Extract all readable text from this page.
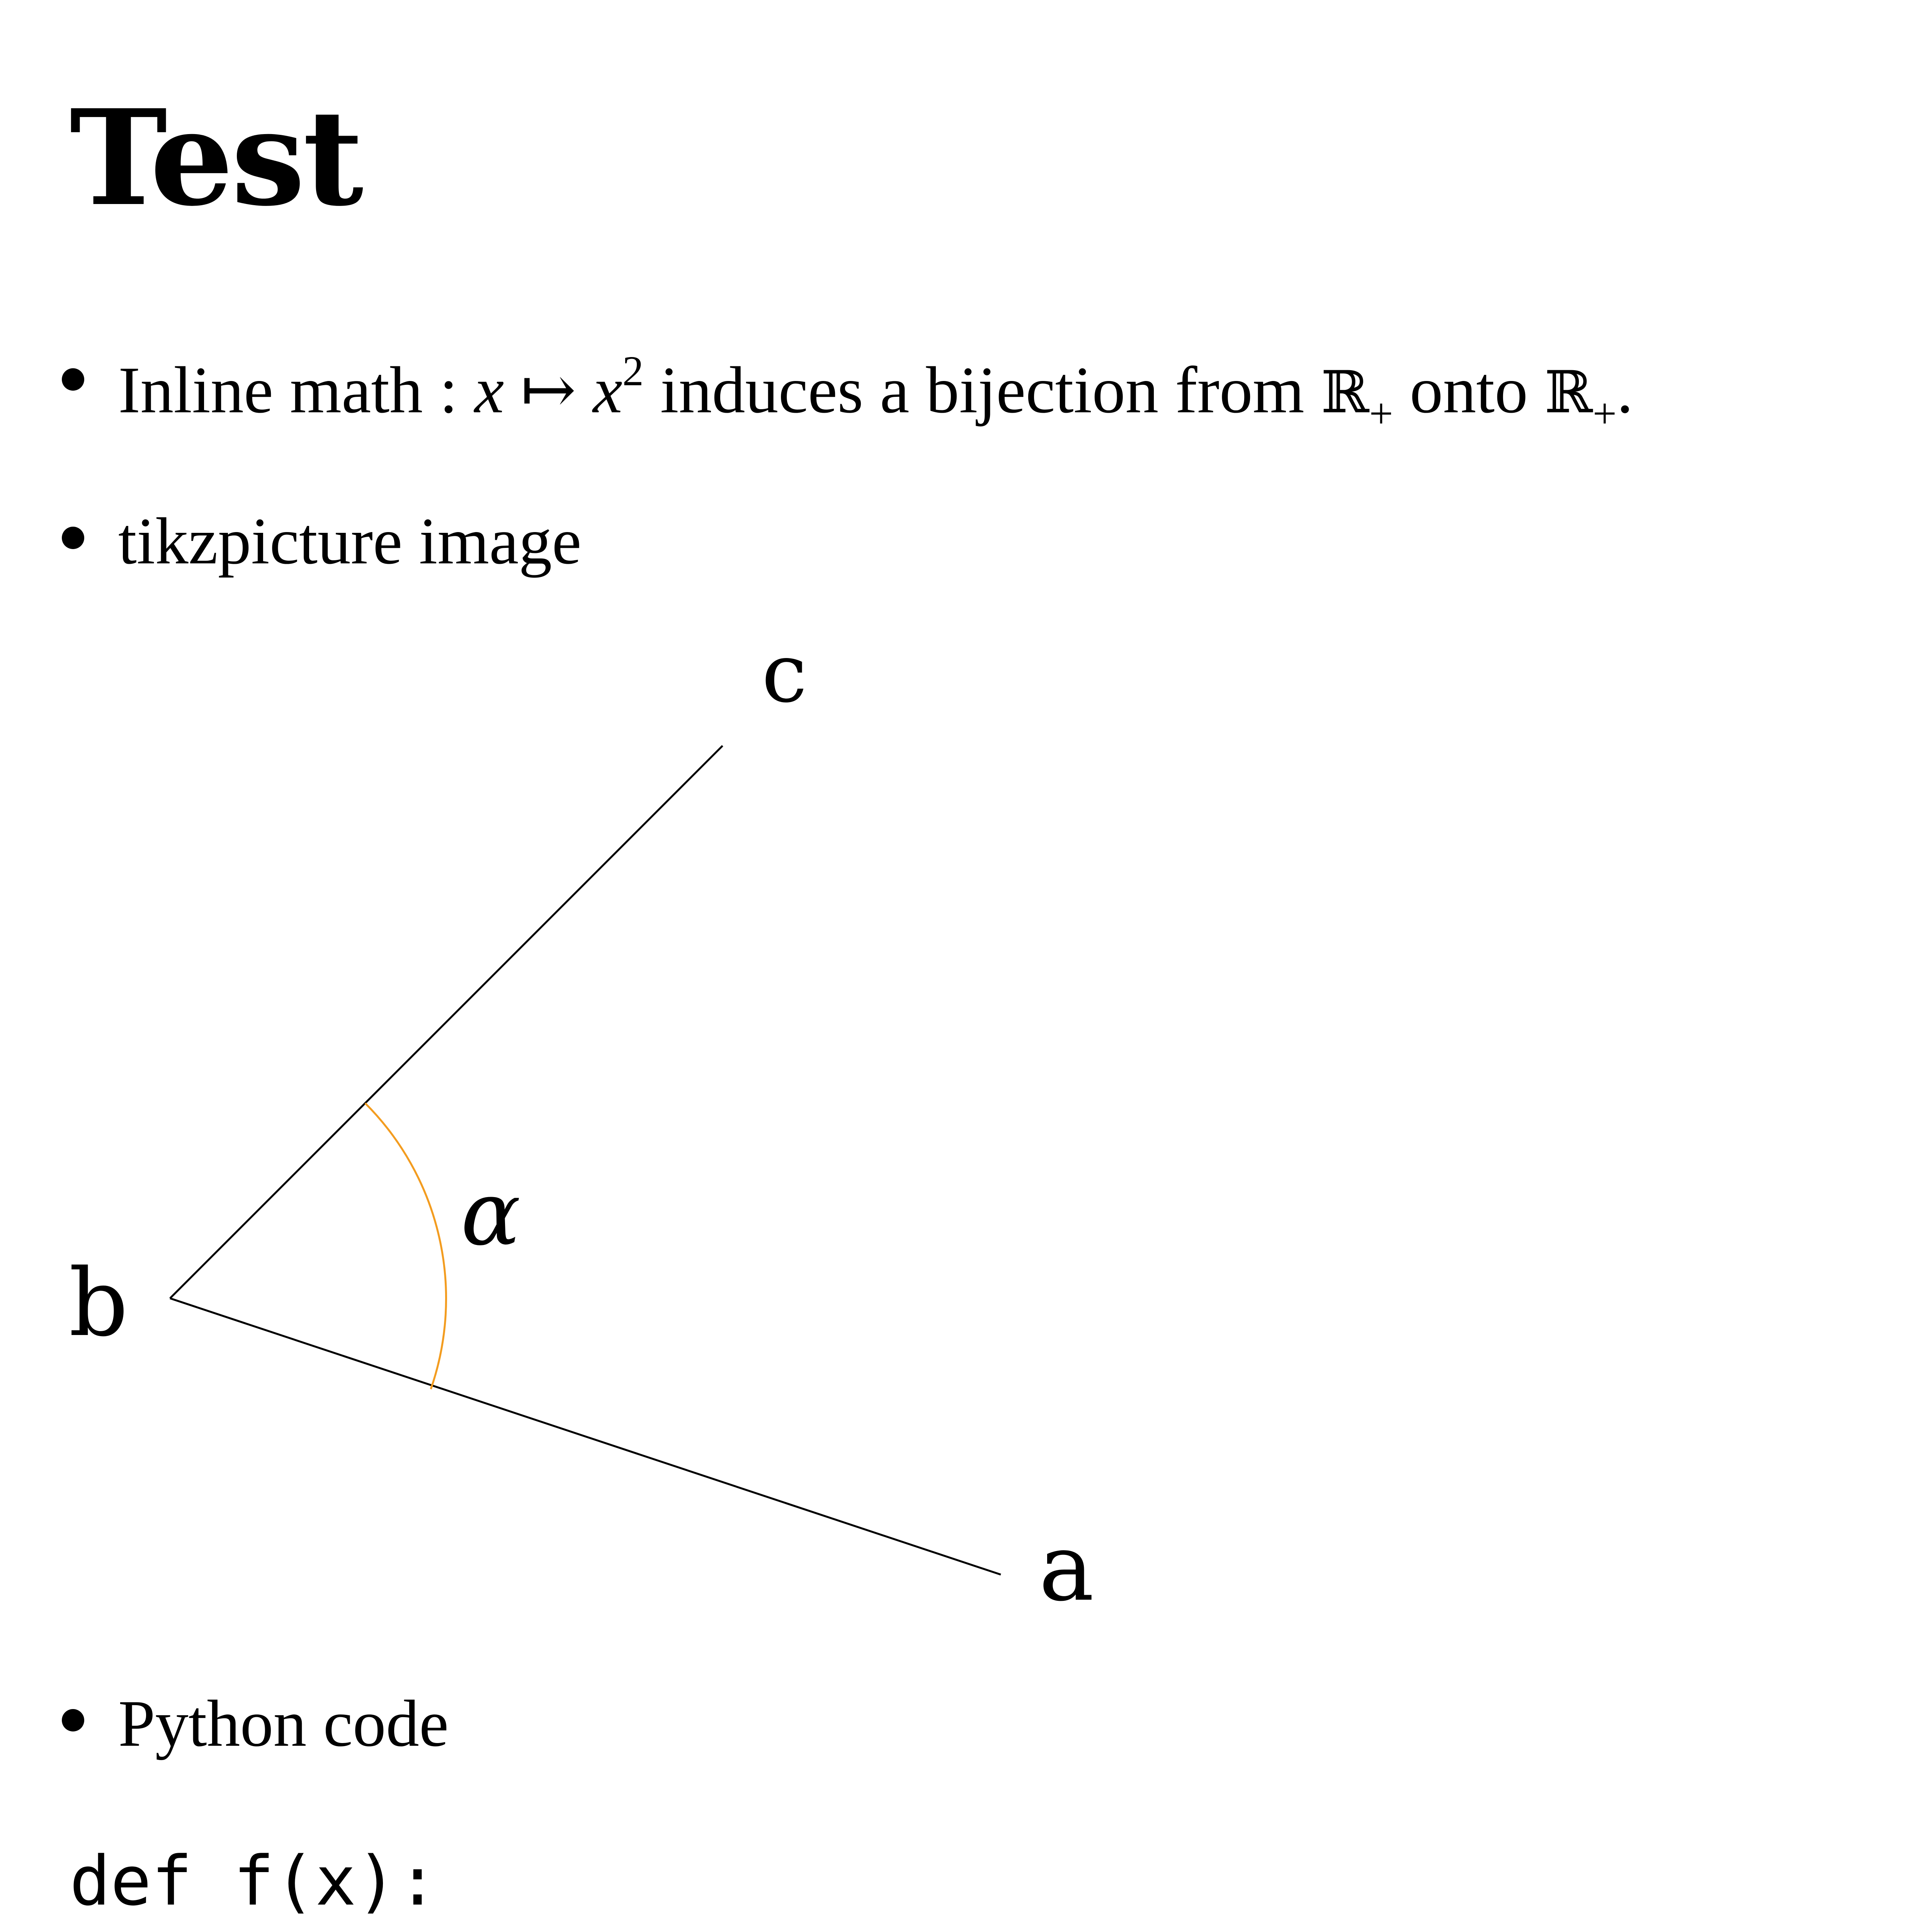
Test
Inline math : x ↦ $x^2$ induces a bijection from ℝ$_+$ onto ℝ$_+$.
tikzpicture image
c
b
a
α
Python code
def f(x):
